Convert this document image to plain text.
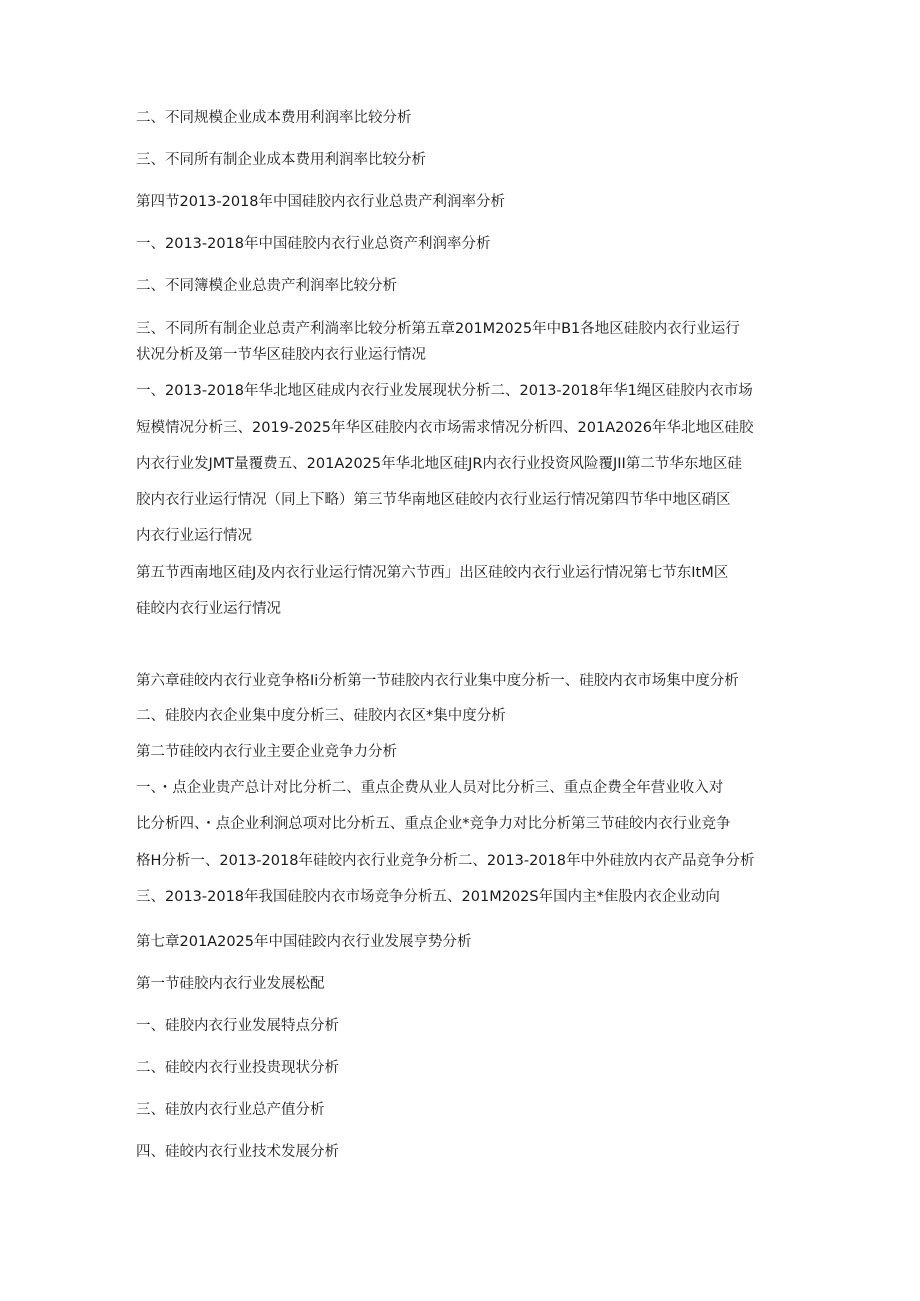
二、不同规模企业成本费用利润率比较分析

三、不同所有制企业成本费用利润率比较分析

第四节2013-2018年中国硅胶内衣行业总贵产利润率分析

一、2013-2018年中国硅胶内衣行业总资产利润率分析

二、不同簿模企业总贵产利润率比较分析

三、不同所有制企业总责产利淌率比较分析第五章201M2025年中B1各地区硅胶内衣行业运行

状况分析及第一节华区硅胶内衣行业运行情况

一、2013-2018年华北地区硅成内衣行业发展现状分析二、2013-2018年华1绳区硅胶内衣市场

短模情况分析三、2019-2025年华区硅胶内衣市场需求情况分析四、201A2026年华北地区硅胶

内衣行业发JMT量覆费五、201A2025年华北地区硅JR内衣行业投资风险覆JII第二节华东地区硅

胶内衣行业运行情况（同上下略）第三节华南地区硅皎内衣行业运行情况第四节华中地区硝区

内衣行业运行情况

第五节西南地区硅J及内衣行业运行情况第六节西」出区硅皎内衣行业运行情况第七节东ItM区

硅皎内衣行业运行情况

第六章硅皎内衣行业竞争格Ii分析第一节硅胶内衣行业集中度分析一、硅胶内衣市场集中度分析

二、硅胶内衣企业集中度分析三、硅胶内衣区*集中度分析

第二节硅皎内衣行业主要企业竞争力分析

一、・点企业贵产总计对比分析二、重点企费从业人员对比分析三、重点企费全年营业收入对

比分析四、・点企业利涧总项对比分析五、重点企业*竞争力对比分析第三节硅皎内衣行业竞争

格H分析一、2013-2018年硅皎内衣行业竞争分析二、2013-2018年中外硅放内衣产品竞争分析

三、2013-2018年我国硅胶内衣市场竞争分析五、201M202S年国内主*隹股内衣企业动向

第七章201A2025年中国硅跤内衣行业发展亨势分析

第一节硅胶内衣行业发展松配

一、硅胶内衣行业发展特点分析

二、硅皎内衣行业投贵现状分析

三、硅放内衣行业总产值分析

四、硅皎内衣行业技术发展分析
